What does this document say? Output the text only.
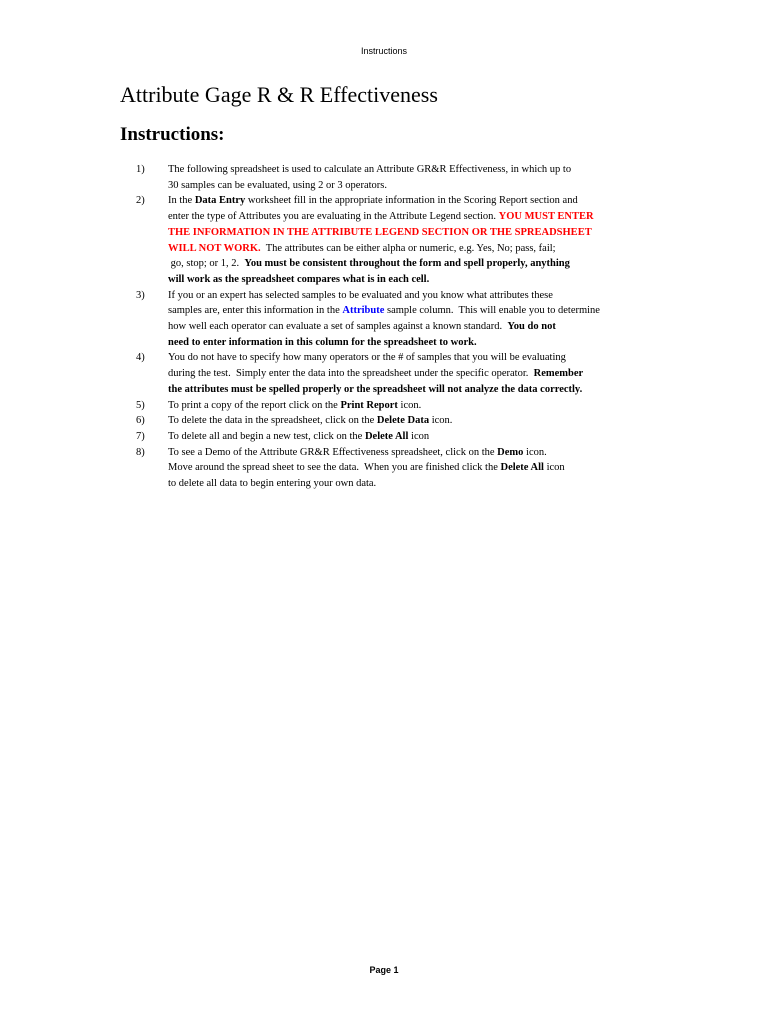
Instructions
Attribute Gage R & R Effectiveness
Instructions:
1) The following spreadsheet is used to calculate an Attribute GR&R Effectiveness, in which up to
30 samples can be evaluated, using 2 or 3 operators.
2) In the Data Entry worksheet fill in the appropriate information in the Scoring Report section and
enter the type of Attributes you are evaluating in the Attribute Legend section. YOU MUST ENTER
THE INFORMATION IN THE ATTRIBUTE LEGEND SECTION OR THE SPREADSHEET
WILL NOT WORK.  The attributes can be either alpha or numeric, e.g. Yes, No; pass, fail;
go, stop; or 1, 2.  You must be consistent throughout the form and spell properly, anything
will work as the spreadsheet compares what is in each cell.
3) If you or an expert has selected samples to be evaluated and you know what attributes these
samples are, enter this information in the Attribute sample column.  This will enable you to determine
how well each operator can evaluate a set of samples against a known standard.  You do not
need to enter information in this column for the spreadsheet to work.
4) You do not have to specify how many operators or the # of samples that you will be evaluating
during the test.  Simply enter the data into the spreadsheet under the specific operator.  Remember
the attributes must be spelled properly or the spreadsheet will not analyze the data correctly.
5) To print a copy of the report click on the Print Report icon.
6) To delete the data in the spreadsheet, click on the Delete Data icon.
7) To delete all and begin a new test, click on the Delete All icon
8) To see a Demo of the Attribute GR&R Effectiveness spreadsheet, click on the Demo icon.
Move around the spread sheet to see the data.  When you are finished click the Delete All icon
to delete all data to begin entering your own data.
Page 1
